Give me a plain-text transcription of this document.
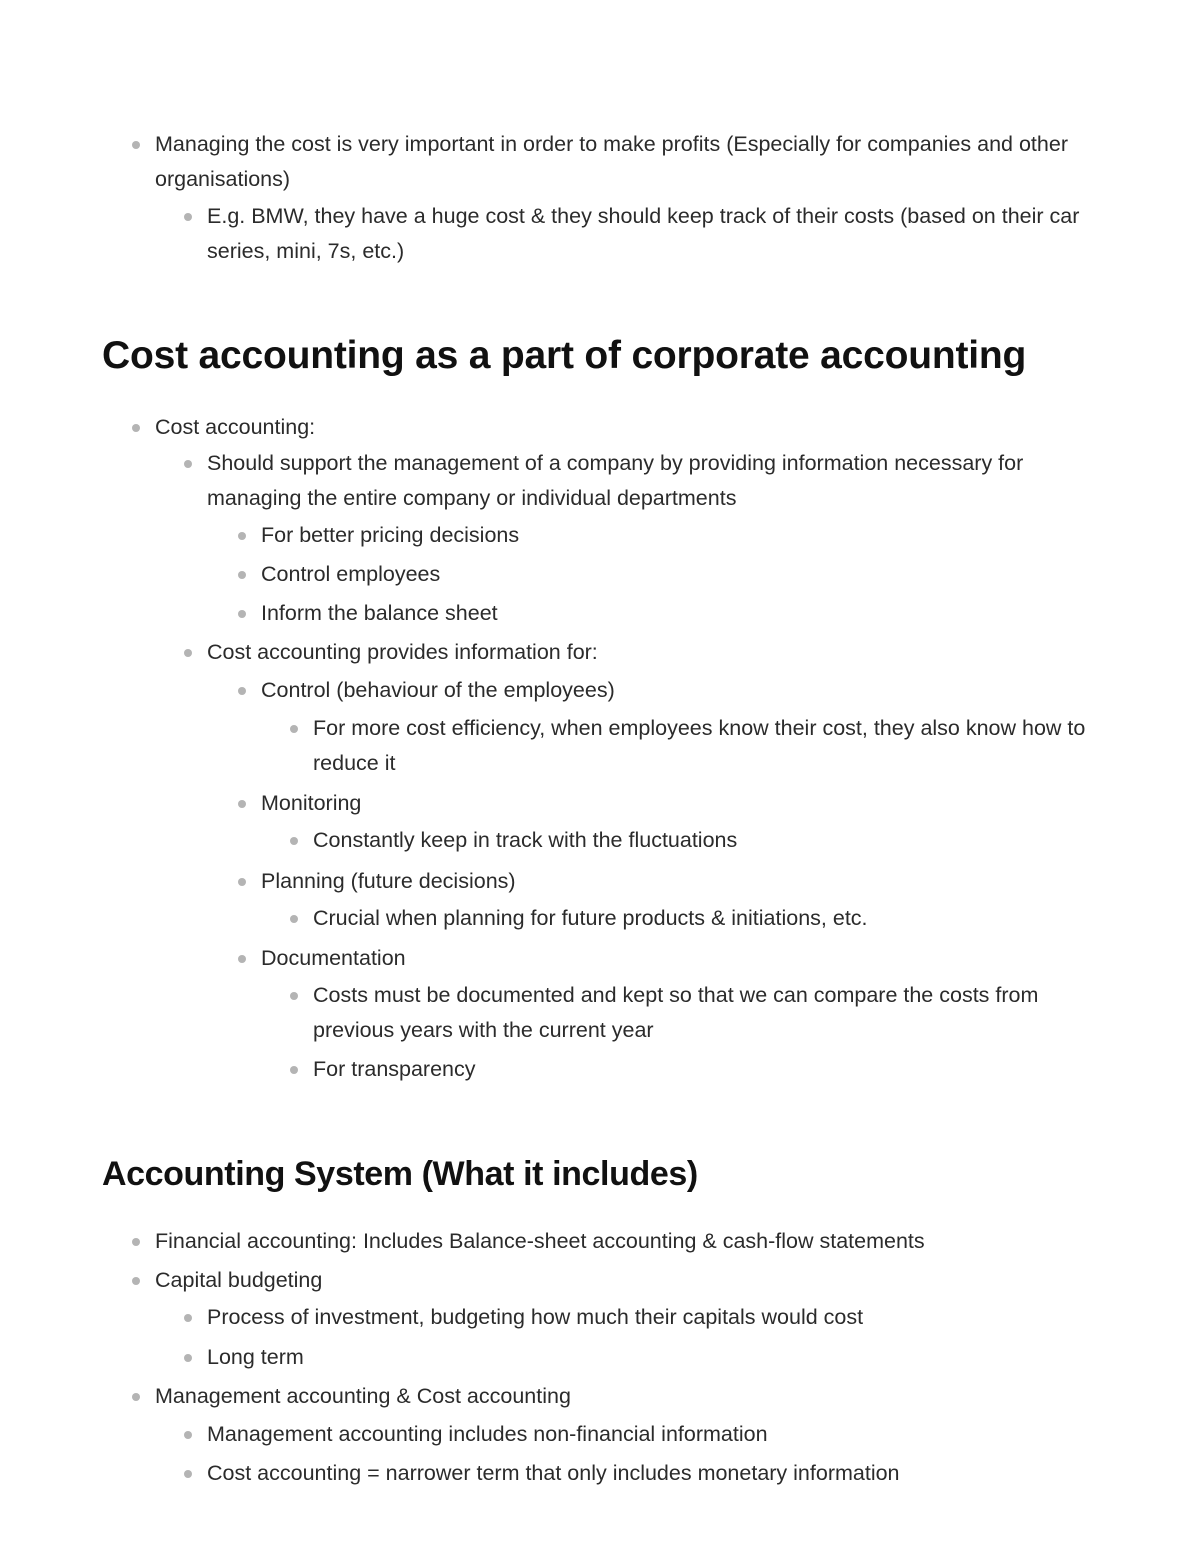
Managing the cost is very important in order to make profits (Especially for companies and other organisations)
E.g. BMW, they have a huge cost & they should keep track of their costs (based on their car series, mini, 7s, etc.)
Cost accounting as a part of corporate accounting
Cost accounting:
Should support the management of a company by providing information necessary for managing the entire company or individual departments
For better pricing decisions
Control employees
Inform the balance sheet
Cost accounting provides information for:
Control (behaviour of the employees)
For more cost efficiency, when employees know their cost, they also know how to reduce it
Monitoring
Constantly keep in track with the fluctuations
Planning (future decisions)
Crucial when planning for future products & initiations, etc.
Documentation
Costs must be documented and kept so that we can compare the costs from previous years with the current year
For transparency
Accounting System (What it includes)
Financial accounting: Includes Balance-sheet accounting & cash-flow statements
Capital budgeting
Process of investment, budgeting how much their capitals would cost
Long term
Management accounting & Cost accounting
Management accounting includes non-financial information
Cost accounting = narrower term that only includes monetary information
